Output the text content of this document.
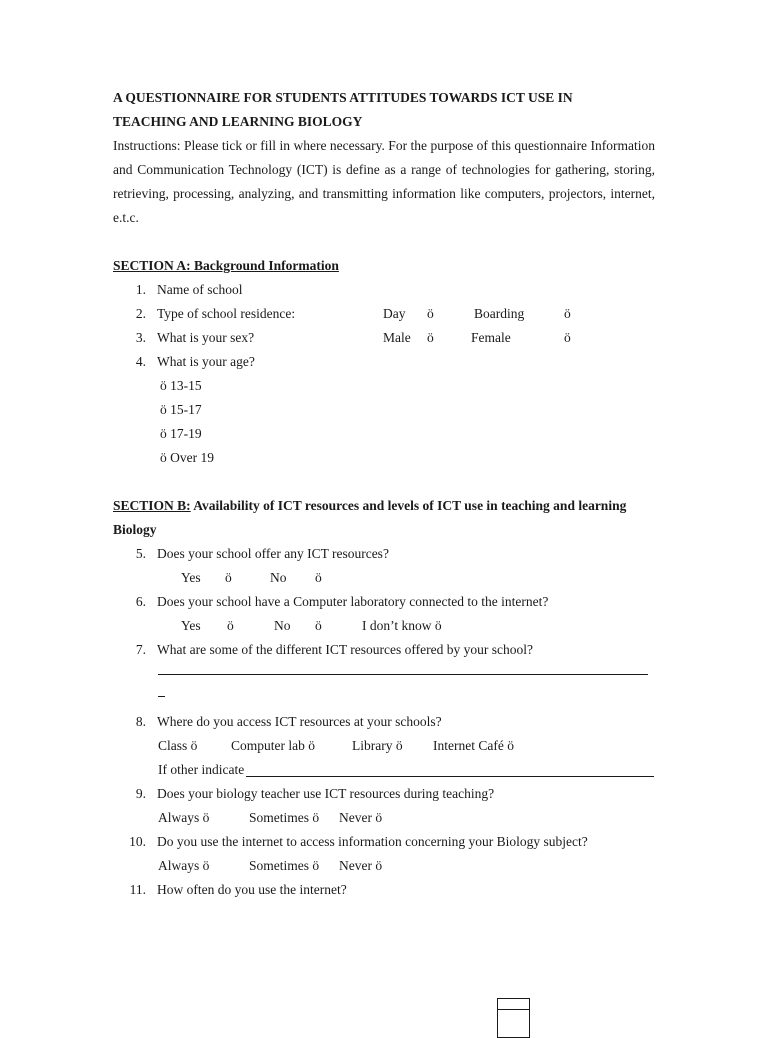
A QUESTIONNAIRE FOR STUDENTS ATTITUDES TOWARDS ICT USE IN

TEACHING AND LEARNING BIOLOGY

Instructions: Please tick or fill in where necessary. For the purpose of this questionnaire Information and Communication Technology (ICT) is define as a range of technologies for gathering, storing, retrieving, processing, analyzing, and transmitting information like computers, projectors, internet, e.t.c.

SECTION A: Background Information

1. Name of school
2. Type of school residence:	Day ö	Boarding	ö
3. What is your sex?	Male ö	Female	ö
4. What is your age?
ö 13-15
ö 15-17
ö 17-19
ö Over 19

SECTION B: Availability of ICT resources and levels of ICT use in teaching and learning

Biology

5. Does your school offer any ICT resources?
Yes ö	No ö
6. Does your school have a Computer laboratory connected to the internet?
Yes ö	No ö	I don’t know ö
7. What are some of the different ICT resources offered by your school?
8. Where do you access ICT resources at your schools?
Class ö Computer lab ö	Library ö Internet Café ö
If other indicate
9. Does your biology teacher use ICT resources during teaching?
Always ö	Sometimes ö Never ö
10. Do you use the internet to access information concerning your Biology subject?
Always ö	Sometimes ö Never ö
11. How often do you use the internet?
